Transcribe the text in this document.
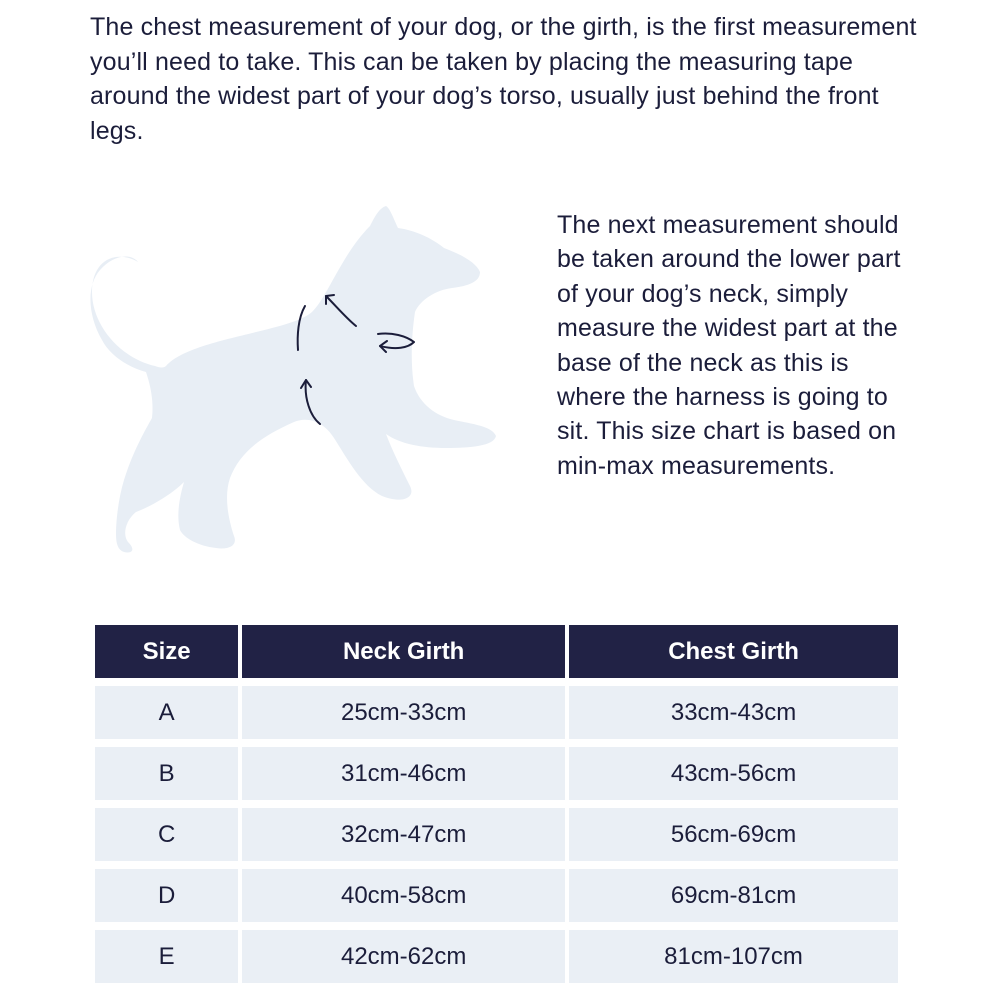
The chest measurement of your dog, or the girth, is the first measurement you’ll need to take. This can be taken by placing the measuring tape around the widest part of your dog’s torso, usually just behind the front legs.

The next measurement should be taken around the lower part of your dog’s neck, simply measure the widest part at the base of the neck as this is where the harness is going to sit. This size chart is based on min-max measurements.

Size	Neck Girth	Chest Girth
A	25cm-33cm	33cm-43cm
B	31cm-46cm	43cm-56cm
C	32cm-47cm	56cm-69cm
D	40cm-58cm	69cm-81cm
E	42cm-62cm	81cm-107cm
